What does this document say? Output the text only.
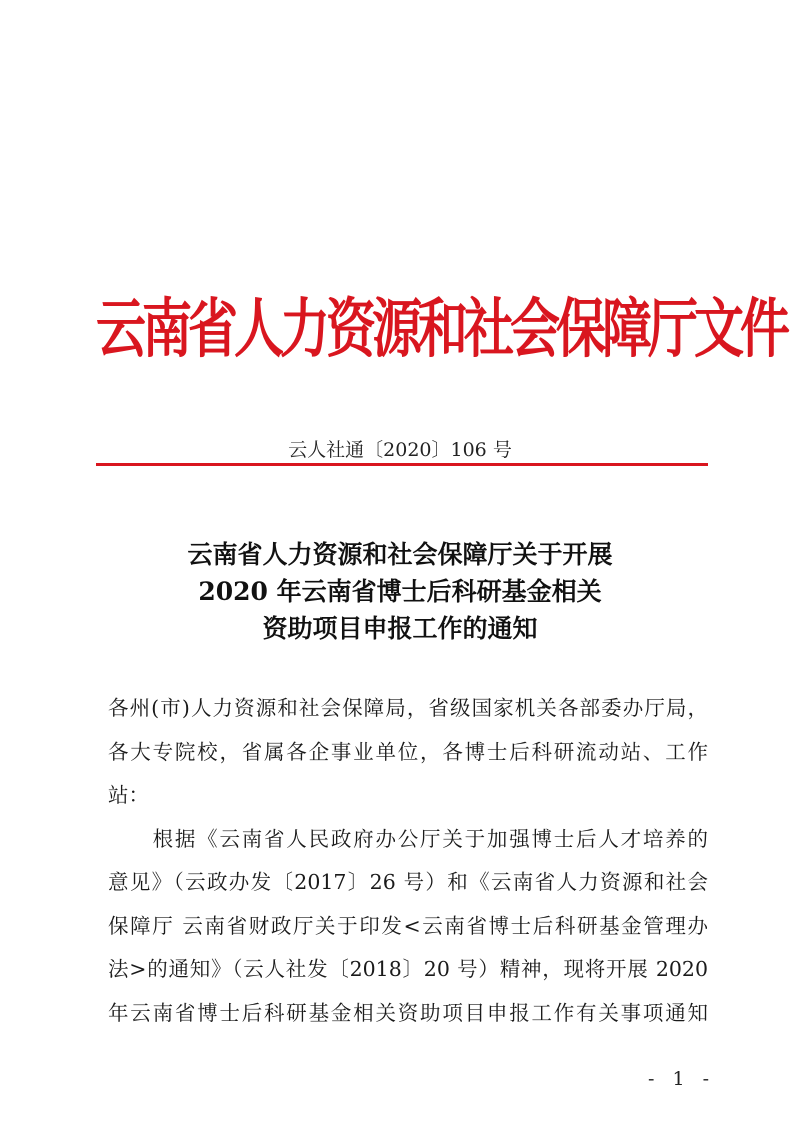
云南省人力资源和社会保障厅文件
云人社通〔2020〕106 号
云南省人力资源和社会保障厅关于开展
2020 年云南省博士后科研基金相关
资助项目申报工作的通知
各州(市)人力资源和社会保障局，省级国家机关各部委办厅局，
各大专院校，省属各企事业单位，各博士后科研流动站、工作
站：
　　根据《云南省人民政府办公厅关于加强博士后人才培养的
意见》（云政办发〔2017〕26 号）和《云南省人力资源和社会
保障厅 云南省财政厅关于印发<云南省博士后科研基金管理办
法>的通知》（云人社发〔2018〕20 号）精神，现将开展 2020
年云南省博士后科研基金相关资助项目申报工作有关事项通知
- 1 -
